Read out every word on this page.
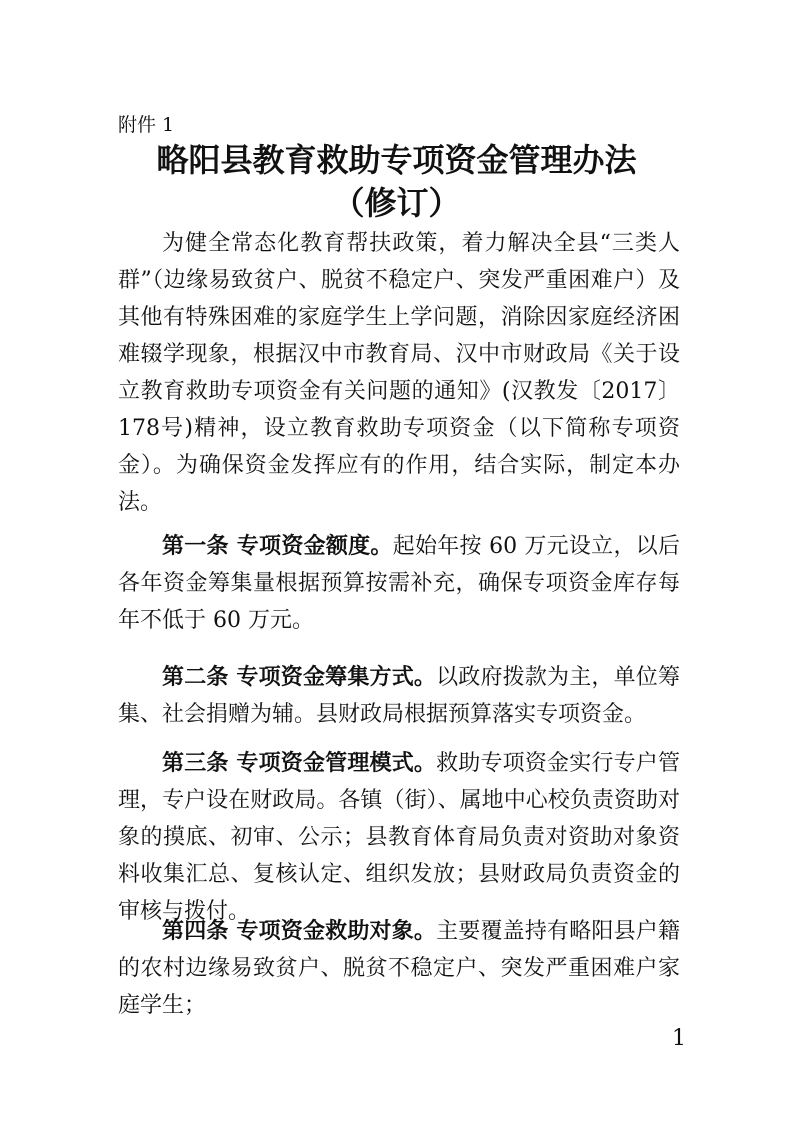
附件 1
略阳县教育救助专项资金管理办法
（修订）

为健全常态化教育帮扶政策，着力解决全县“三类人群”（边缘易致贫户、脱贫不稳定户、突发严重困难户）及其他有特殊困难的家庭学生上学问题，消除因家庭经济困难辍学现象，根据汉中市教育局、汉中市财政局《关于设立教育救助专项资金有关问题的通知》(汉教发〔2017〕178号)精神，设立教育救助专项资金（以下简称专项资金）。为确保资金发挥应有的作用，结合实际，制定本办法。

第一条 专项资金额度。起始年按 60 万元设立，以后各年资金筹集量根据预算按需补充，确保专项资金库存每年不低于 60 万元。

第二条 专项资金筹集方式。以政府拨款为主，单位筹集、社会捐赠为辅。县财政局根据预算落实专项资金。

第三条 专项资金管理模式。救助专项资金实行专户管理，专户设在财政局。各镇（街）、属地中心校负责资助对象的摸底、初审、公示；县教育体育局负责对资助对象资料收集汇总、复核认定、组织发放；县财政局负责资金的审核与拨付。

第四条 专项资金救助对象。主要覆盖持有略阳县户籍的农村边缘易致贫户、脱贫不稳定户、突发严重困难户家庭学生；

1
